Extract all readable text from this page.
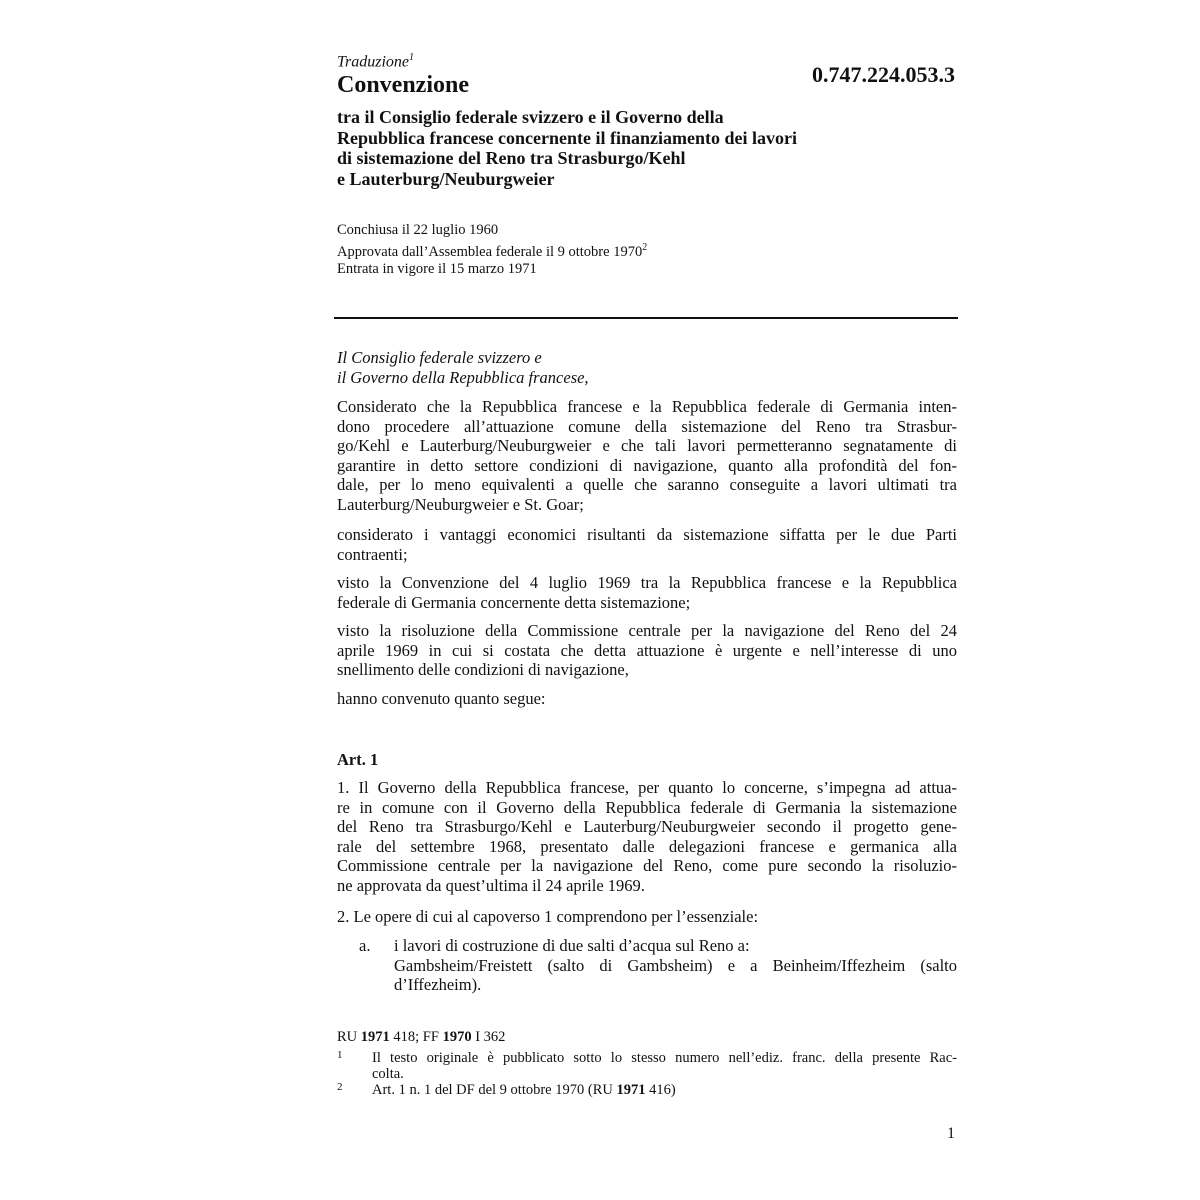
Traduzione$^1$
Convenzione	0.747.224.053.3
tra il Consiglio federale svizzero e il Governo della
Repubblica francese concernente il finanziamento dei lavori
di sistemazione del Reno tra Strasburgo/Kehl
e Lauterburg/Neuburgweier
Conchiusa il 22 luglio 1960
Approvata dall’Assemblea federale il 9 ottobre 1970$^2$
Entrata in vigore il 15 marzo 1971
Il Consiglio federale svizzero e
il Governo della Repubblica francese,
Considerato che la Repubblica francese e la Repubblica federale di Germania inten-
dono procedere all’attuazione comune della sistemazione del Reno tra Strasbur-
go/Kehl e Lauterburg/Neuburgweier e che tali lavori permetteranno segnatamente di
garantire in detto settore condizioni di navigazione, quanto alla profondità del fon-
dale, per lo meno equivalenti a quelle che saranno conseguite a lavori ultimati tra
Lauterburg/Neuburgweier e St. Goar;
considerato i vantaggi economici risultanti da sistemazione siffatta per le due Parti
contraenti;
visto la Convenzione del 4 luglio 1969 tra la Repubblica francese e la Repubblica
federale di Germania concernente detta sistemazione;
visto la risoluzione della Commissione centrale per la navigazione del Reno del 24
aprile 1969 in cui si costata che detta attuazione è urgente e nell’interesse di uno
snellimento delle condizioni di navigazione,
hanno convenuto quanto segue:
Art. 1
1. Il Governo della Repubblica francese, per quanto lo concerne, s’impegna ad attua-
re in comune con il Governo della Repubblica federale di Germania la sistemazione
del Reno tra Strasburgo/Kehl e Lauterburg/Neuburgweier secondo il progetto gene-
rale del settembre 1968, presentato dalle delegazioni francese e germanica alla
Commissione centrale per la navigazione del Reno, come pure secondo la risoluzio-
ne approvata da quest’ultima il 24 aprile 1969.
2. Le opere di cui al capoverso 1 comprendono per l’essenziale:
a. i lavori di costruzione di due salti d’acqua sul Reno a:
Gambsheim/Freistett (salto di Gambsheim) e a Beinheim/Iffezheim (salto
d’Iffezheim).
RU 1971 418; FF 1970 I 362
1 Il testo originale è pubblicato sotto lo stesso numero nell’ediz. franc. della presente Rac-
colta.
2 Art. 1 n. 1 del DF del 9 ottobre 1970 (RU 1971 416)
1
